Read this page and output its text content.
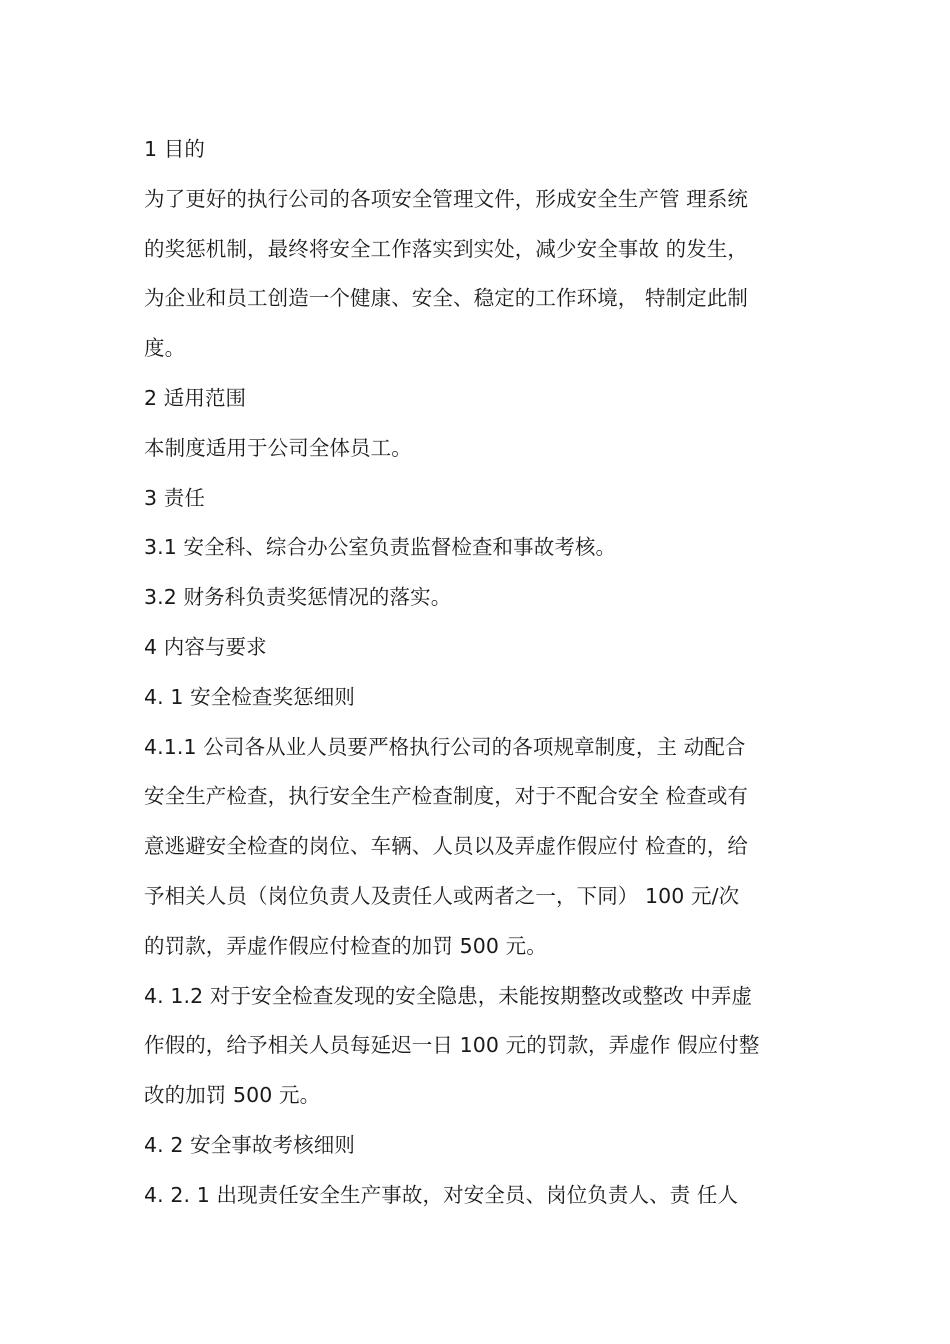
1 目的
为了更好的执行公司的各项安全管理文件，形成安全生产管 理系统
的奖惩机制，最终将安全工作落实到实处，减少安全事故 的发生，
为企业和员工创造一个健康、安全、稳定的工作环境， 特制定此制
度。
2 适用范围
本制度适用于公司全体员工。
3 责任
3.1 安全科、综合办公室负责监督检查和事故考核。
3.2 财务科负责奖惩情况的落实。
4 内容与要求
4. 1 安全检查奖惩细则
4.1.1 公司各从业人员要严格执行公司的各项规章制度，主 动配合
安全生产检查，执行安全生产检查制度，对于不配合安全 检查或有
意逃避安全检查的岗位、车辆、人员以及弄虚作假应付 检查的，给
予相关人员（岗位负责人及责任人或两者之一，下同） 100 元/次
的罚款，弄虚作假应付检查的加罚 500 元。
4. 1.2 对于安全检查发现的安全隐患，未能按期整改或整改 中弄虚
作假的，给予相关人员每延迟一日 100 元的罚款，弄虚作 假应付整
改的加罚 500 元。
4. 2 安全事故考核细则
4. 2. 1 出现责任安全生产事故，对安全员、岗位负责人、责 任人
